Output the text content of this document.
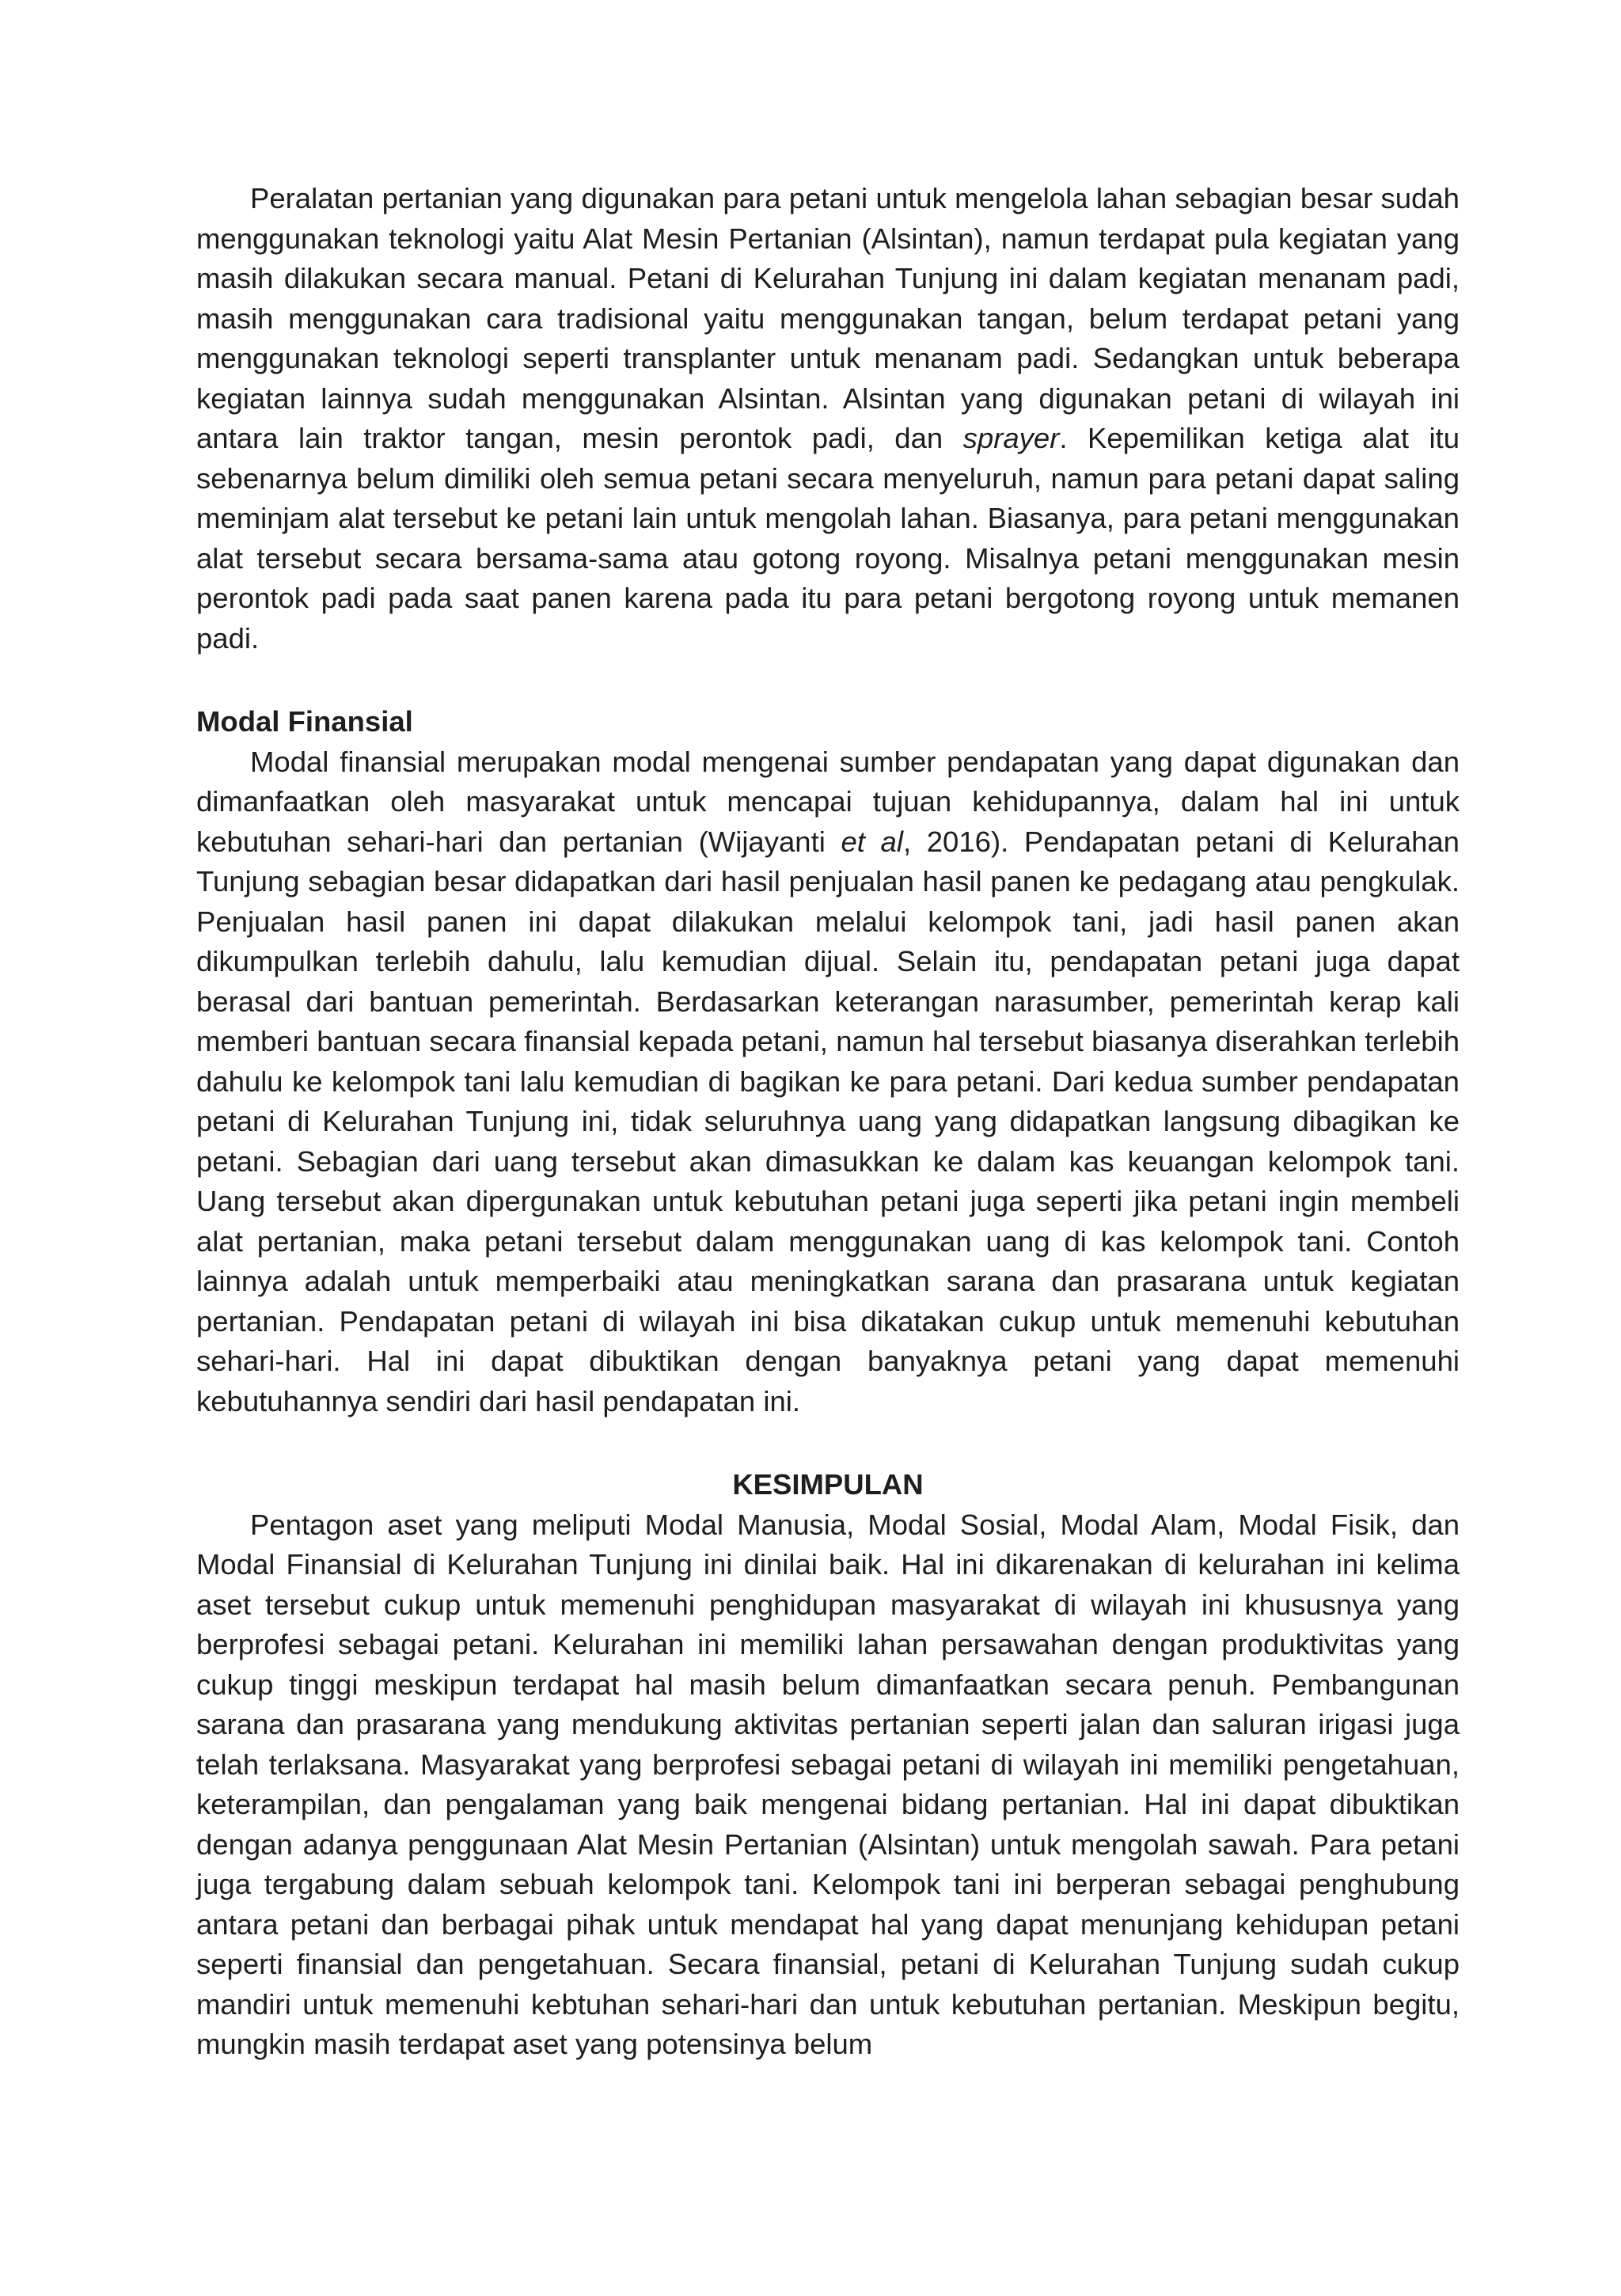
Peralatan pertanian yang digunakan para petani untuk mengelola lahan sebagian besar sudah menggunakan teknologi yaitu Alat Mesin Pertanian (Alsintan), namun terdapat pula kegiatan yang masih dilakukan secara manual. Petani di Kelurahan Tunjung ini dalam kegiatan menanam padi, masih menggunakan cara tradisional yaitu menggunakan tangan, belum terdapat petani yang menggunakan teknologi seperti transplanter untuk menanam padi. Sedangkan untuk beberapa kegiatan lainnya sudah menggunakan Alsintan. Alsintan yang digunakan petani di wilayah ini antara lain traktor tangan, mesin perontok padi, dan sprayer. Kepemilikan ketiga alat itu sebenarnya belum dimiliki oleh semua petani secara menyeluruh, namun para petani dapat saling meminjam alat tersebut ke petani lain untuk mengolah lahan. Biasanya, para petani menggunakan alat tersebut secara bersama-sama atau gotong royong. Misalnya petani menggunakan mesin perontok padi pada saat panen karena pada itu para petani bergotong royong untuk memanen padi.

Modal Finansial

Modal finansial merupakan modal mengenai sumber pendapatan yang dapat digunakan dan dimanfaatkan oleh masyarakat untuk mencapai tujuan kehidupannya, dalam hal ini untuk kebutuhan sehari-hari dan pertanian (Wijayanti et al, 2016). Pendapatan petani di Kelurahan Tunjung sebagian besar didapatkan dari hasil penjualan hasil panen ke pedagang atau pengkulak. Penjualan hasil panen ini dapat dilakukan melalui kelompok tani, jadi hasil panen akan dikumpulkan terlebih dahulu, lalu kemudian dijual. Selain itu, pendapatan petani juga dapat berasal dari bantuan pemerintah. Berdasarkan keterangan narasumber, pemerintah kerap kali memberi bantuan secara finansial kepada petani, namun hal tersebut biasanya diserahkan terlebih dahulu ke kelompok tani lalu kemudian di bagikan ke para petani. Dari kedua sumber pendapatan petani di Kelurahan Tunjung ini, tidak seluruhnya uang yang didapatkan langsung dibagikan ke petani. Sebagian dari uang tersebut akan dimasukkan ke dalam kas keuangan kelompok tani. Uang tersebut akan dipergunakan untuk kebutuhan petani juga seperti jika petani ingin membeli alat pertanian, maka petani tersebut dalam menggunakan uang di kas kelompok tani. Contoh lainnya adalah untuk memperbaiki atau meningkatkan sarana dan prasarana untuk kegiatan pertanian. Pendapatan petani di wilayah ini bisa dikatakan cukup untuk memenuhi kebutuhan sehari-hari. Hal ini dapat dibuktikan dengan banyaknya petani yang dapat memenuhi kebutuhannya sendiri dari hasil pendapatan ini.

KESIMPULAN

Pentagon aset yang meliputi Modal Manusia, Modal Sosial, Modal Alam, Modal Fisik, dan Modal Finansial di Kelurahan Tunjung ini dinilai baik. Hal ini dikarenakan di kelurahan ini kelima aset tersebut cukup untuk memenuhi penghidupan masyarakat di wilayah ini khususnya yang berprofesi sebagai petani. Kelurahan ini memiliki lahan persawahan dengan produktivitas yang cukup tinggi meskipun terdapat hal masih belum dimanfaatkan secara penuh. Pembangunan sarana dan prasarana yang mendukung aktivitas pertanian seperti jalan dan saluran irigasi juga telah terlaksana. Masyarakat yang berprofesi sebagai petani di wilayah ini memiliki pengetahuan, keterampilan, dan pengalaman yang baik mengenai bidang pertanian. Hal ini dapat dibuktikan dengan adanya penggunaan Alat Mesin Pertanian (Alsintan) untuk mengolah sawah. Para petani juga tergabung dalam sebuah kelompok tani. Kelompok tani ini berperan sebagai penghubung antara petani dan berbagai pihak untuk mendapat hal yang dapat menunjang kehidupan petani seperti finansial dan pengetahuan. Secara finansial, petani di Kelurahan Tunjung sudah cukup mandiri untuk memenuhi kebtuhan sehari-hari dan untuk kebutuhan pertanian. Meskipun begitu, mungkin masih terdapat aset yang potensinya belum
